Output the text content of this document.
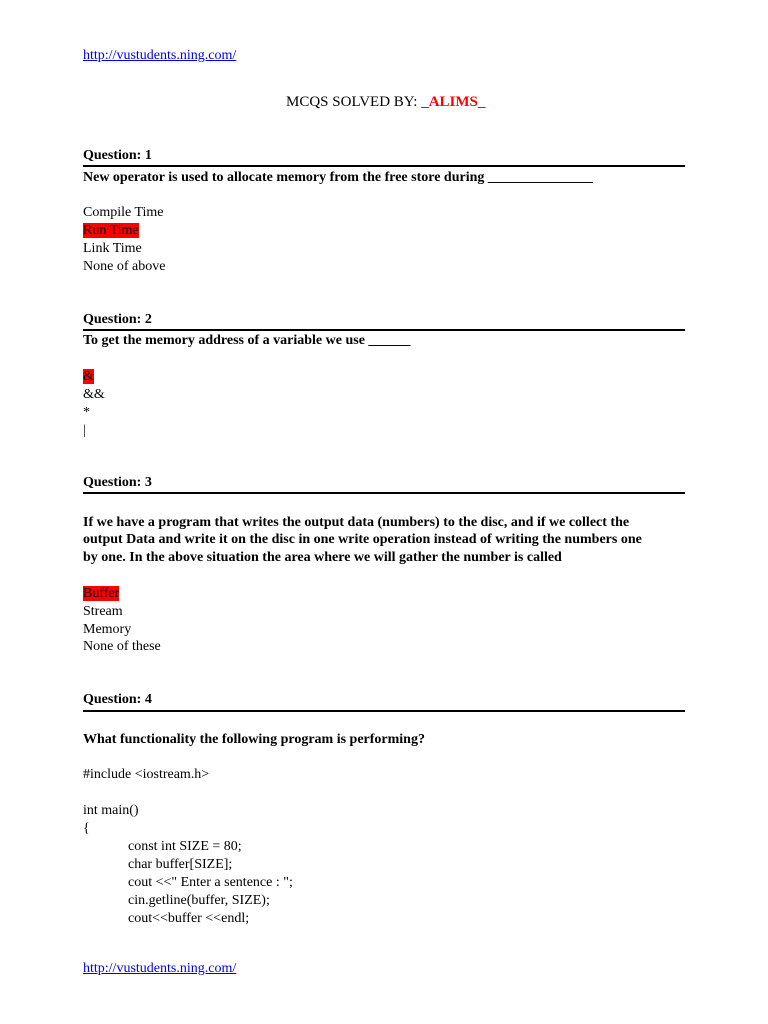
http://vustudents.ning.com/
MCQS SOLVED BY: _ALIMS_
Question: 1
New operator is used to allocate memory from the free store during _______________
Compile Time
Run Time
Link Time
None of above
Question: 2
To get the memory address of a variable we use ______
&
&&
*
|
Question: 3
If we have a program that writes the output data (numbers) to the disc, and if we collect the
output Data and write it on the disc in one write operation instead of writing the numbers one
by one. In the above situation the area where we will gather the number is called
Buffer
Stream
Memory
None of these
Question: 4
What functionality the following program is performing?
#include <iostream.h>
int main()
{
const int SIZE = 80;
char buffer[SIZE];
cout <<" Enter a sentence : ";
cin.getline(buffer, SIZE);
cout<<buffer <<endl;
http://vustudents.ning.com/
